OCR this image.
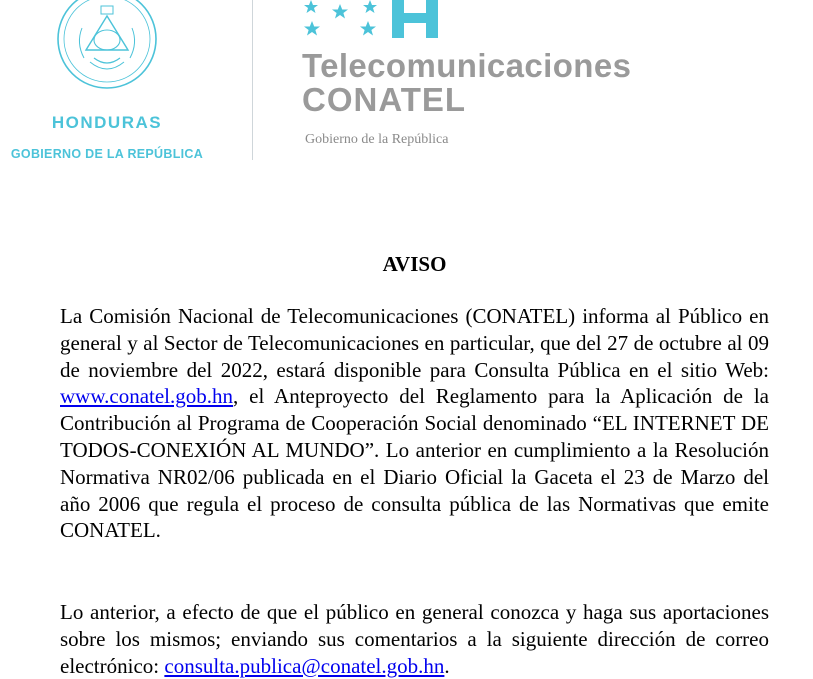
HONDURAS
GOBIERNO DE LA REPÚBLICA
Telecomunicaciones
CONATEL
Gobierno de la República
AVISO

La Comisión Nacional de Telecomunicaciones (CONATEL) informa al Público en general y al Sector de Telecomunicaciones en particular, que del 27 de octubre al 09 de noviembre del 2022, estará disponible para Consulta Pública en el sitio Web: www.conatel.gob.hn, el Anteproyecto del Reglamento para la Aplicación de la Contribución al Programa de Cooperación Social denominado “EL INTERNET DE TODOS-CONEXIÓN AL MUNDO”. Lo anterior en cumplimiento a la Resolución Normativa NR02/06 publicada en el Diario Oficial la Gaceta el 23 de Marzo del año 2006 que regula el proceso de consulta pública de las Normativas que emite CONATEL.

Lo anterior, a efecto de que el público en general conozca y haga sus aportaciones sobre los mismos; enviando sus comentarios a la siguiente dirección de correo electrónico: consulta.publica@conatel.gob.hn.
